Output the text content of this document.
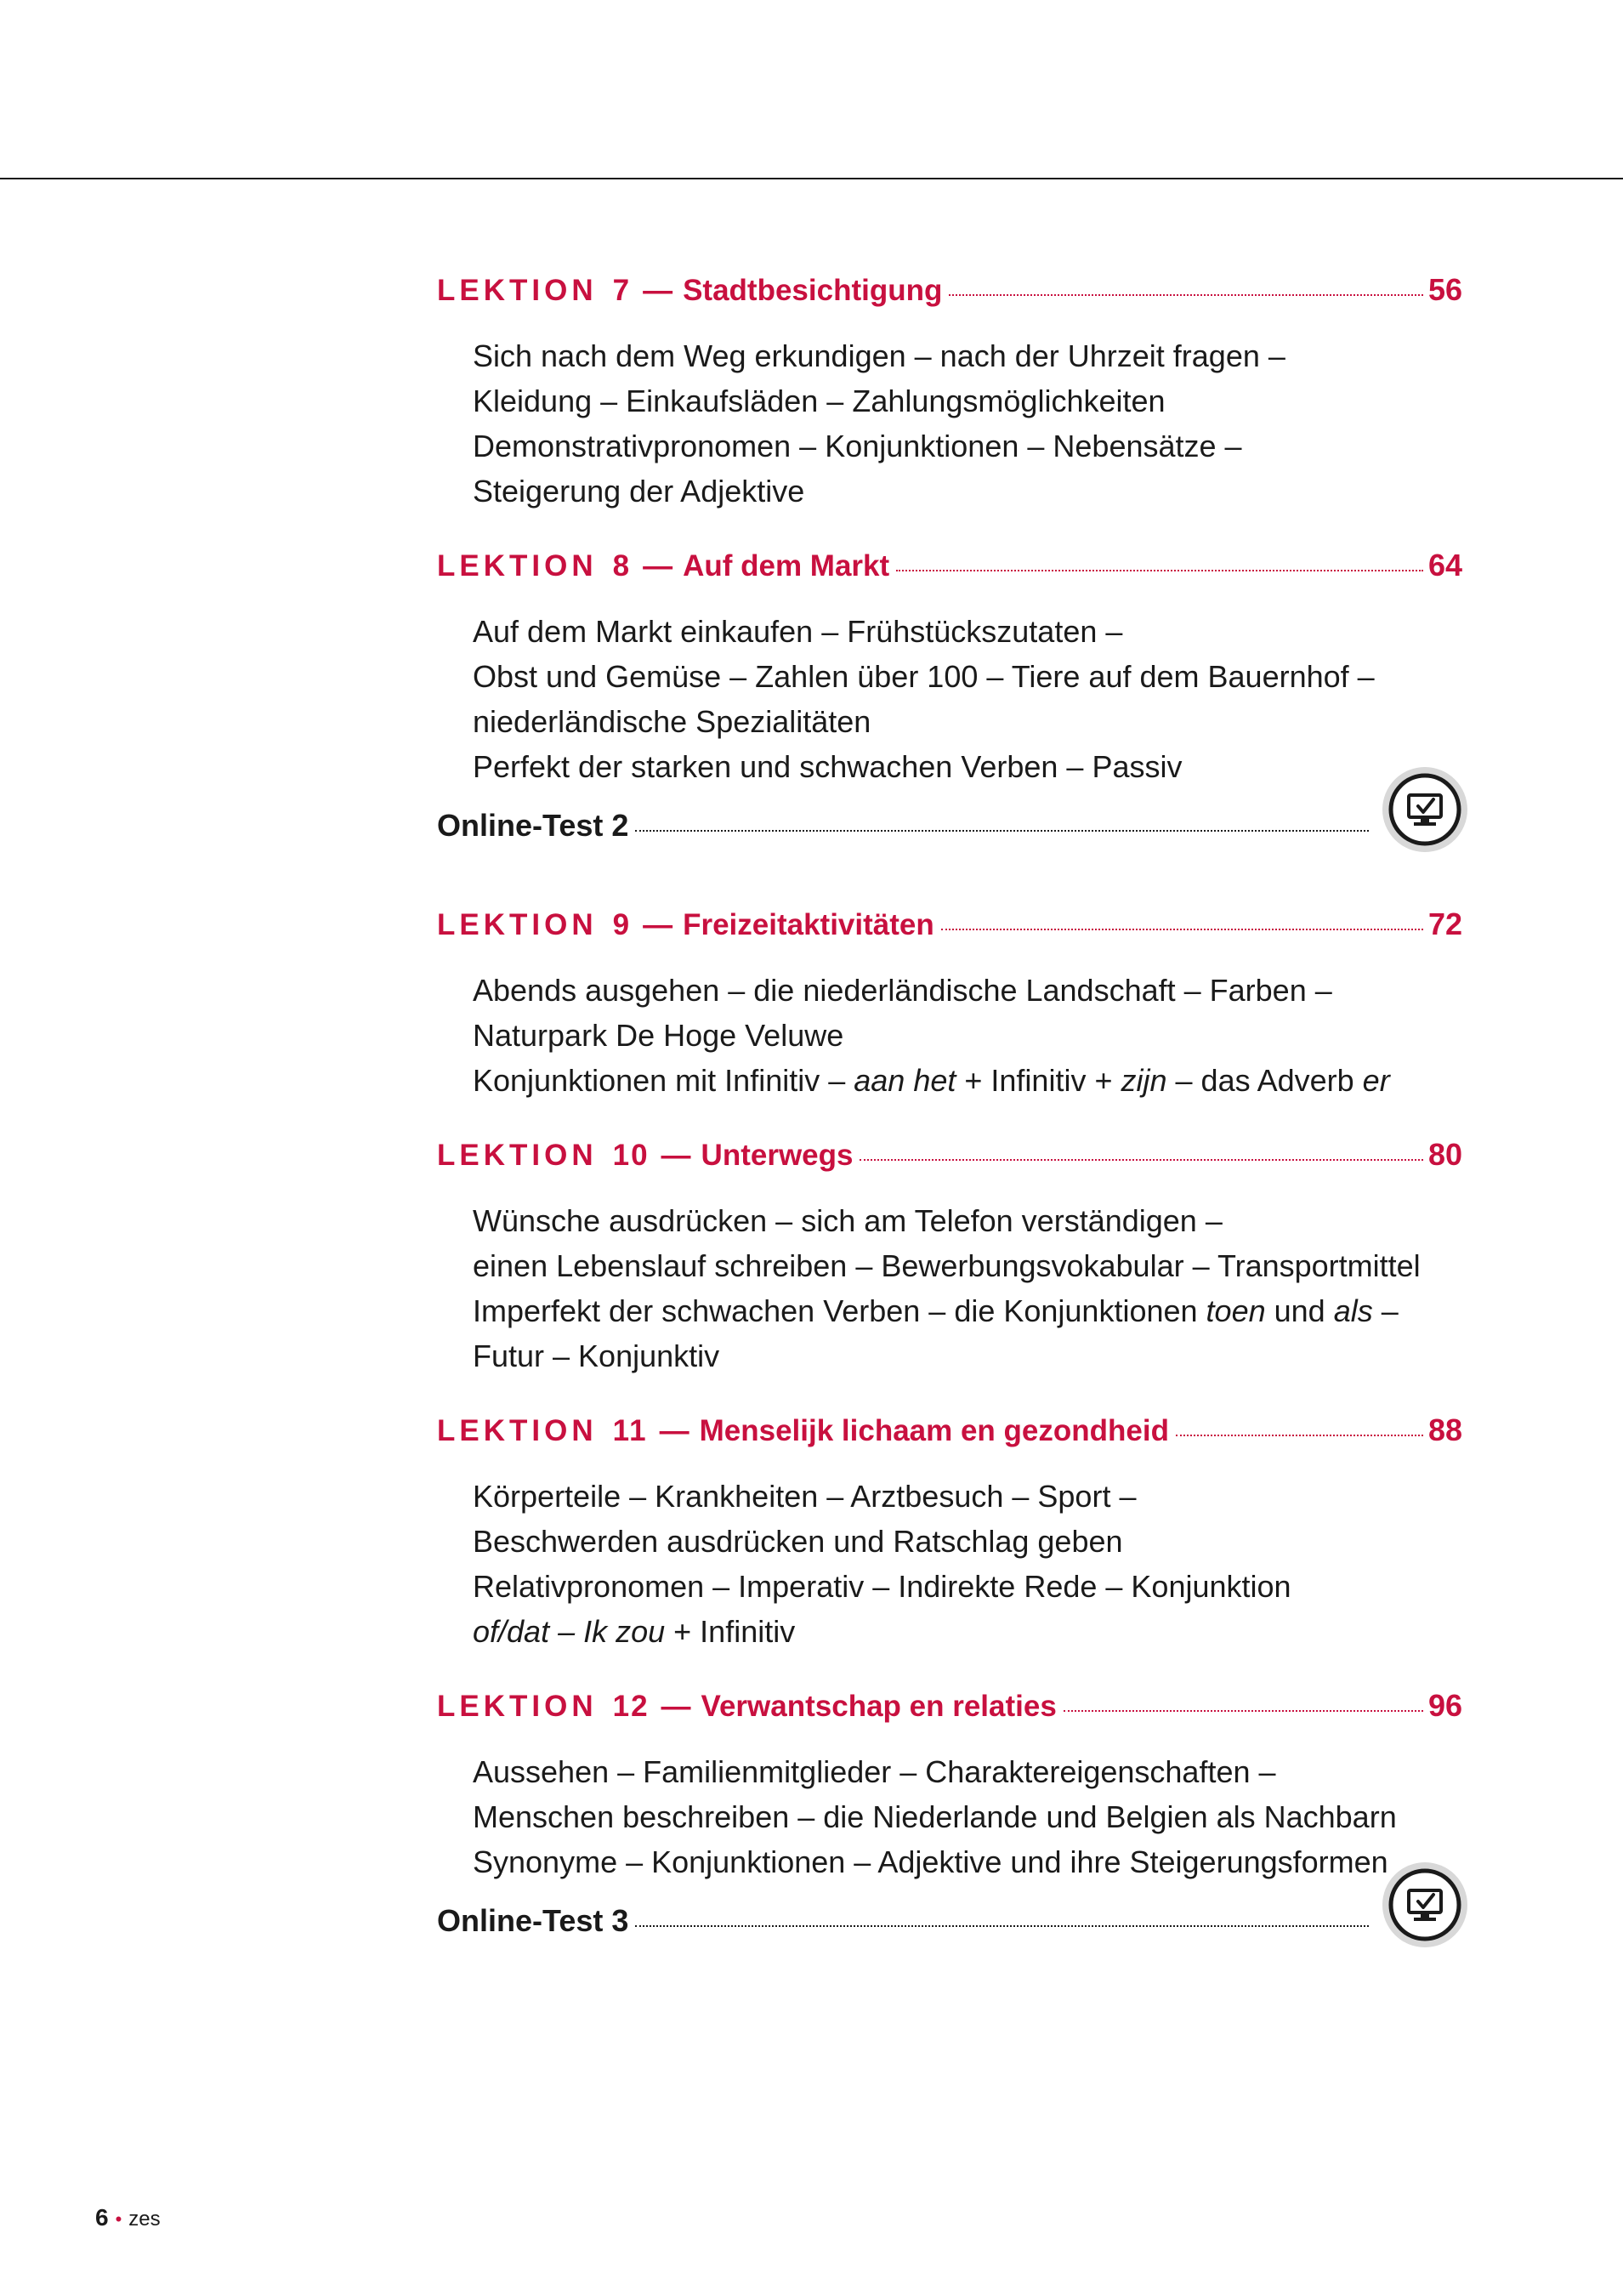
LEKTION 7 — Stadtbesichtigung	56

Sich nach dem Weg erkundigen – nach der Uhrzeit fragen –

Kleidung – Einkaufsläden – Zahlungsmöglichkeiten

Demonstrativpronomen – Konjunktionen – Nebensätze –

Steigerung der Adjektive

LEKTION 8 — Auf dem Markt	64

Auf dem Markt einkaufen – Frühstückszutaten –

Obst und Gemüse – Zahlen über 100 – Tiere auf dem Bauernhof –

niederländische Spezialitäten

Perfekt der starken und schwachen Verben – Passiv

Online-Test 2
LEKTION 9 — Freizeitaktivitäten	72

Abends ausgehen – die niederländische Landschaft – Farben –

Naturpark De Hoge Veluwe

Konjunktionen mit Infinitiv – aan het + Infinitiv + zijn – das Adverb er

LEKTION 10 — Unterwegs	80

Wünsche ausdrücken – sich am Telefon verständigen –

einen Lebenslauf schreiben – Bewerbungsvokabular – Transportmittel

Imperfekt der schwachen Verben – die Konjunktionen toen und als –

Futur – Konjunktiv

LEKTION 11 — Menselijk lichaam en gezondheid	88

Körperteile – Krankheiten – Arztbesuch – Sport –

Beschwerden ausdrücken und Ratschlag geben

Relativpronomen – Imperativ – Indirekte Rede – Konjunktion

of/dat – Ik zou + Infinitiv

LEKTION 12 — Verwantschap en relaties	96

Aussehen – Familienmitglieder – Charaktereigenschaften –

Menschen beschreiben – die Niederlande und Belgien als Nachbarn

Synonyme – Konjunktionen – Adjektive und ihre Steigerungsformen

Online-Test 3
6 • zes
